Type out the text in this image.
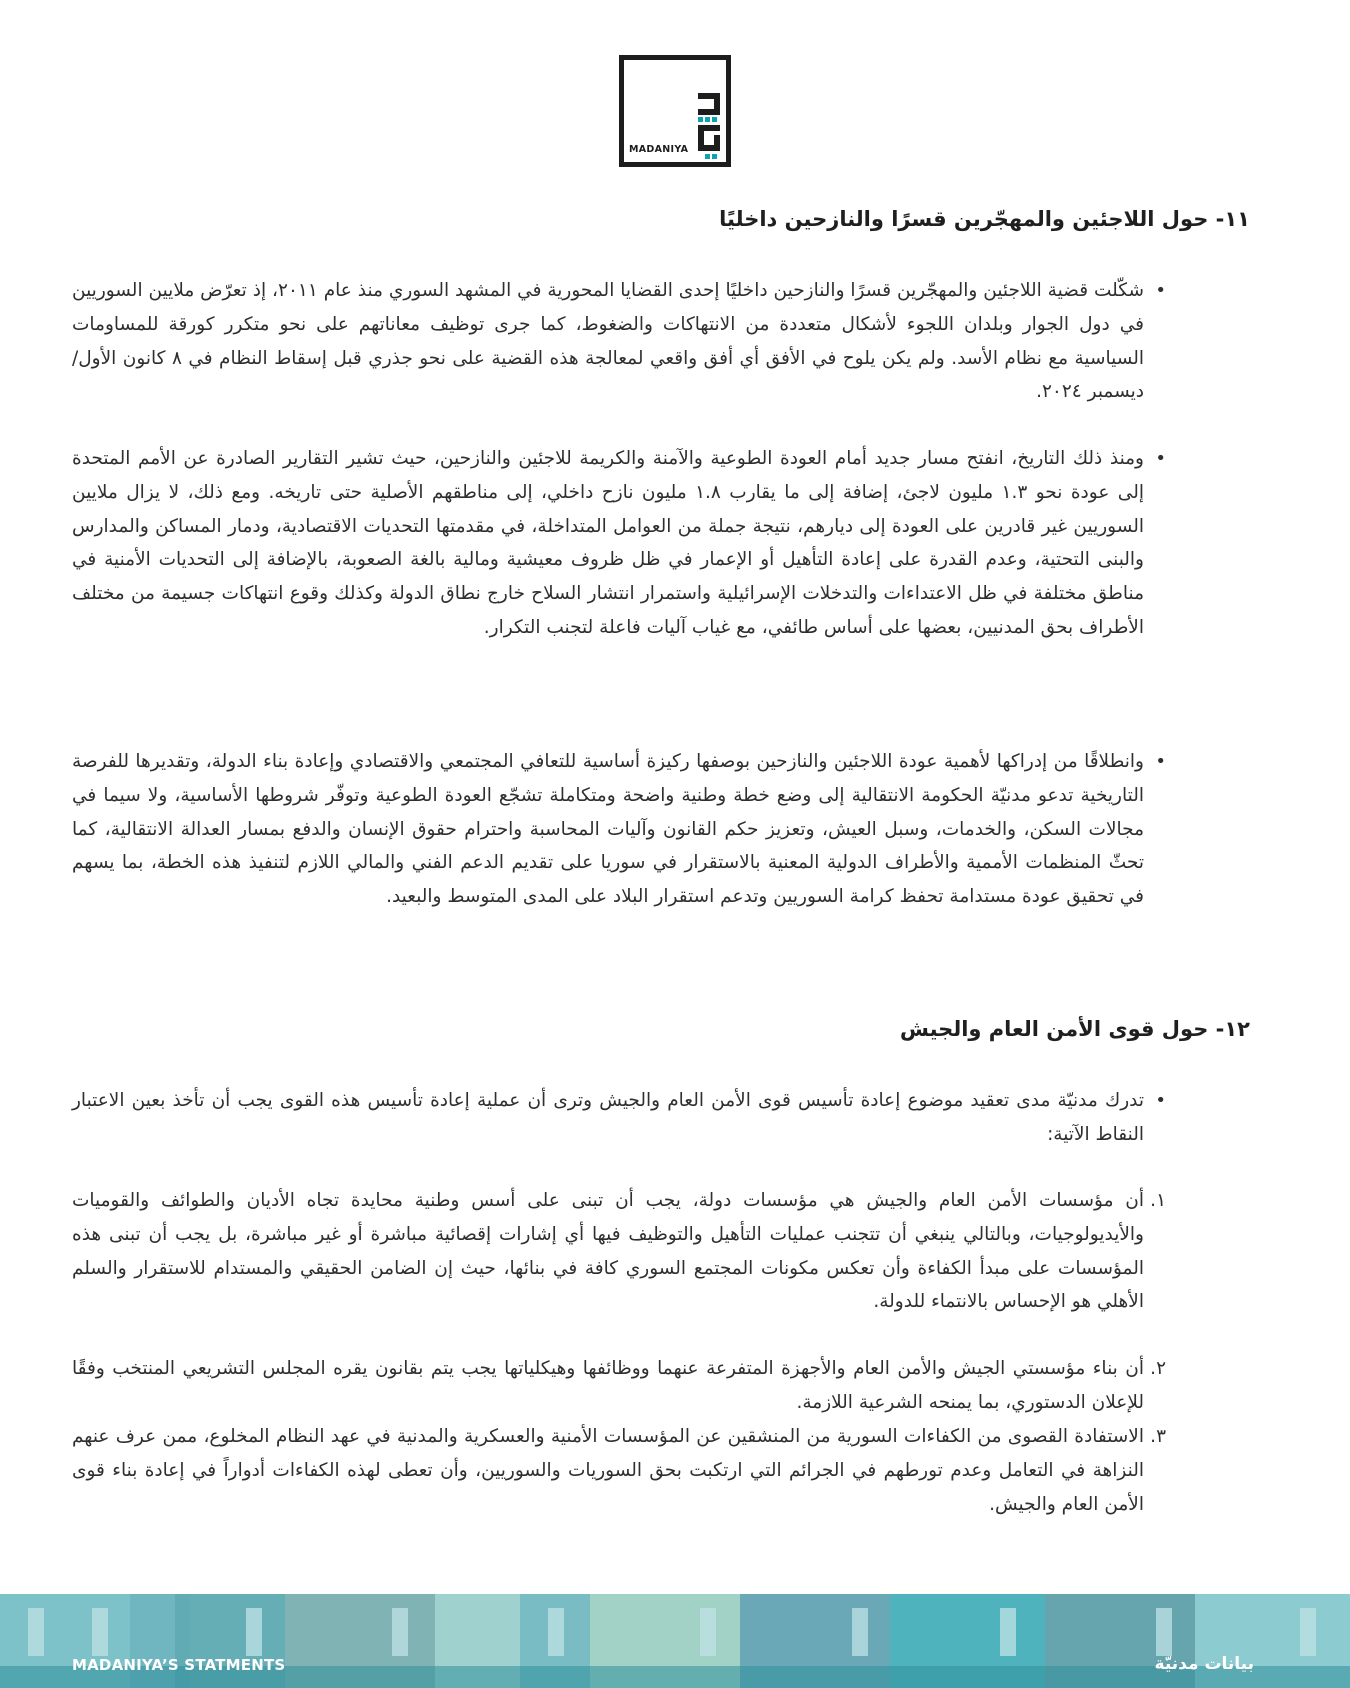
MADANIYA
١١- حول اللاجئين والمهجّرين قسرًا والنازحين داخليًا

• شكّلت قضية اللاجئين والمهجّرين قسرًا والنازحين داخليًا إحدى القضايا المحورية في المشهد السوري منذ عام ٢٠١١، إذ تعرّض ملايين السوريين في دول الجوار وبلدان اللجوء لأشكال متعددة من الانتهاكات والضغوط، كما جرى توظيف معاناتهم على نحو متكرر كورقة للمساومات السياسية مع نظام الأسد. ولم يكن يلوح في الأفق أي أفق واقعي لمعالجة هذه القضية على نحو جذري قبل إسقاط النظام في ٨ كانون الأول/ديسمبر ٢٠٢٤.

• ومنذ ذلك التاريخ، انفتح مسار جديد أمام العودة الطوعية والآمنة والكريمة للاجئين والنازحين، حيث تشير التقارير الصادرة عن الأمم المتحدة إلى عودة نحو ١.٣ مليون لاجئ، إضافة إلى ما يقارب ١.٨ مليون نازح داخلي، إلى مناطقهم الأصلية حتى تاريخه. ومع ذلك، لا يزال ملايين السوريين غير قادرين على العودة إلى ديارهم، نتيجة جملة من العوامل المتداخلة، في مقدمتها التحديات الاقتصادية، ودمار المساكن والمدارس والبنى التحتية، وعدم القدرة على إعادة التأهيل أو الإعمار في ظل ظروف معيشية ومالية بالغة الصعوبة، بالإضافة إلى التحديات الأمنية في مناطق مختلفة في ظل الاعتداءات والتدخلات الإسرائيلية واستمرار انتشار السلاح خارج نطاق الدولة وكذلك وقوع انتهاكات جسيمة من مختلف الأطراف بحق المدنيين، بعضها على أساس طائفي، مع غياب آليات فاعلة لتجنب التكرار.

• وانطلاقًا من إدراكها لأهمية عودة اللاجئين والنازحين بوصفها ركيزة أساسية للتعافي المجتمعي والاقتصادي وإعادة بناء الدولة، وتقديرها للفرصة التاريخية تدعو مدنيّة الحكومة الانتقالية إلى وضع خطة وطنية واضحة ومتكاملة تشجّع العودة الطوعية وتوفّر شروطها الأساسية، ولا سيما في مجالات السكن، والخدمات، وسبل العيش، وتعزيز حكم القانون وآليات المحاسبة واحترام حقوق الإنسان والدفع بمسار العدالة الانتقالية، كما تحثّ المنظمات الأممية والأطراف الدولية المعنية بالاستقرار في سوريا على تقديم الدعم الفني والمالي اللازم لتنفيذ هذه الخطة، بما يسهم في تحقيق عودة مستدامة تحفظ كرامة السوريين وتدعم استقرار البلاد على المدى المتوسط والبعيد.

١٢- حول قوى الأمن العام والجيش

• تدرك مدنيّة مدى تعقيد موضوع إعادة تأسيس قوى الأمن العام والجيش وترى أن عملية إعادة تأسيس هذه القوى يجب أن تأخذ بعين الاعتبار النقاط الآتية:

١.
أن مؤسسات الأمن العام والجيش هي مؤسسات دولة، يجب أن تبنى على أسس وطنية محايدة تجاه الأديان والطوائف والقوميات والأيديولوجيات، وبالتالي ينبغي أن تتجنب عمليات التأهيل والتوظيف فيها أي إشارات إقصائية مباشرة أو غير مباشرة، بل يجب أن تبنى هذه المؤسسات على مبدأ الكفاءة وأن تعكس مكونات المجتمع السوري كافة في بنائها، حيث إن الضامن الحقيقي والمستدام للاستقرار والسلم الأهلي هو الإحساس بالانتماء للدولة.
٢.
أن بناء مؤسستي الجيش والأمن العام والأجهزة المتفرعة عنهما ووظائفها وهيكلياتها يجب يتم بقانون يقره المجلس التشريعي المنتخب وفقًا للإعلان الدستوري، بما يمنحه الشرعية اللازمة.
٣.
الاستفادة القصوى من الكفاءات السورية من المنشقين عن المؤسسات الأمنية والعسكرية والمدنية في عهد النظام المخلوع، ممن عرف عنهم النزاهة في التعامل وعدم تورطهم في الجرائم التي ارتكبت بحق السوريات والسوريين، وأن تعطى لهذه الكفاءات أدواراً في إعادة بناء قوى الأمن العام والجيش.
MADANIYA’S STATMENTS	بيانات مدنيّة
